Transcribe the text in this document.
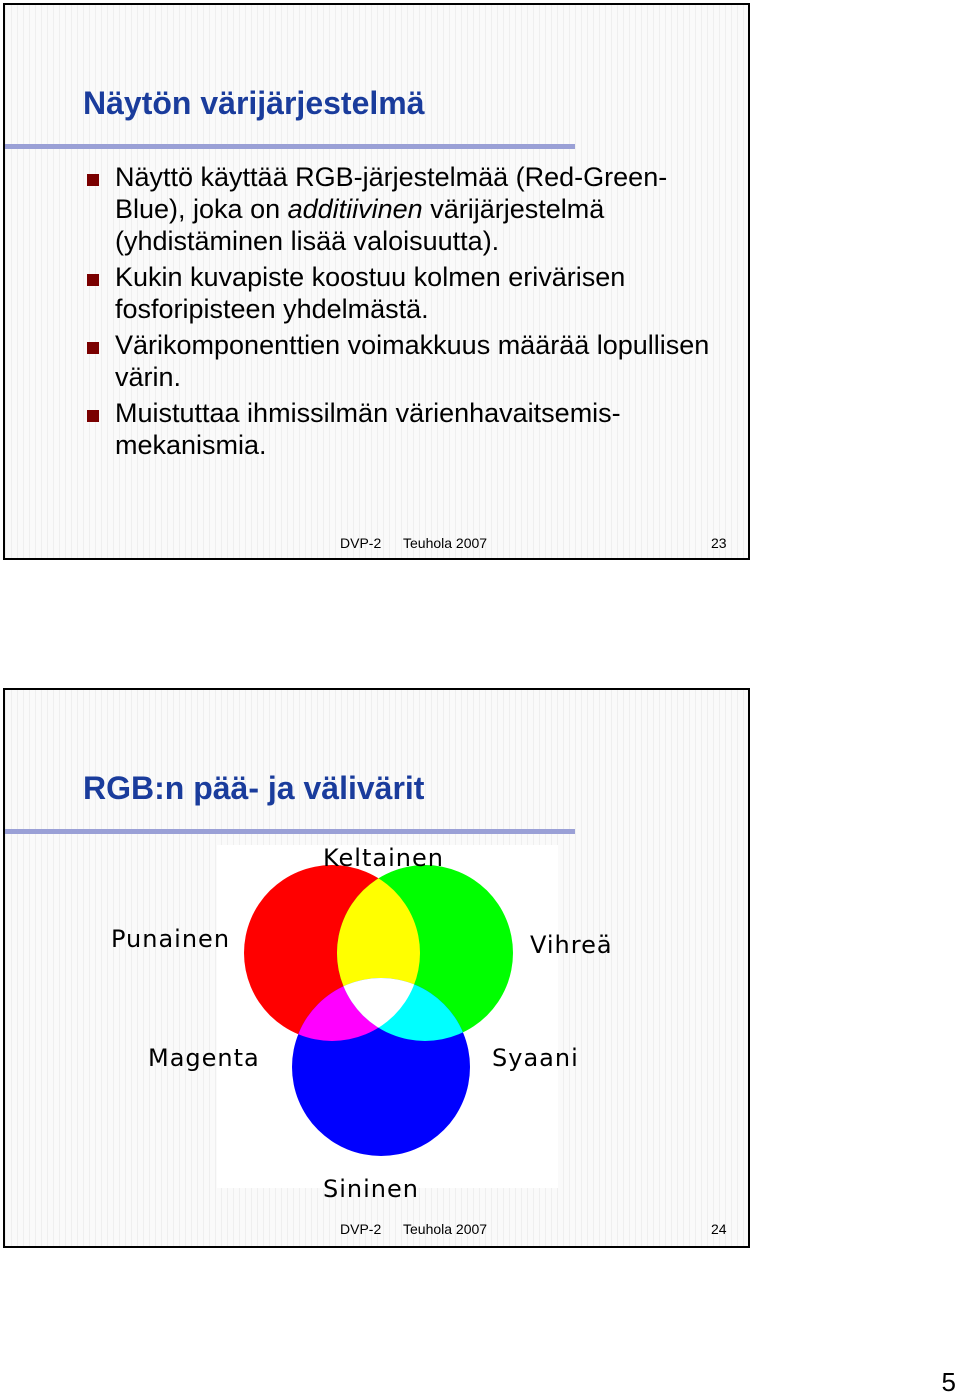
Näytön värijärjestelmä
Näyttö käyttää RGB-järjestelmää (Red-Green-Blue), joka on additiivinen värijärjestelmä (yhdistäminen lisää valoisuutta).
Kukin kuvapiste koostuu kolmen erivärisen fosforipisteen yhdelmästä.
Värikomponenttien voimakkuus määrää lopullisen värin.
Muistuttaa ihmissilmän värienhavaitsemis-mekanismia.
DVP-2 Teuhola 2007	23
RGB:n pää- ja välivärit
Keltainen
Punainen	Vihreä
Magenta	Syaani
Sininen
DVP-2 Teuhola 2007	24
5
